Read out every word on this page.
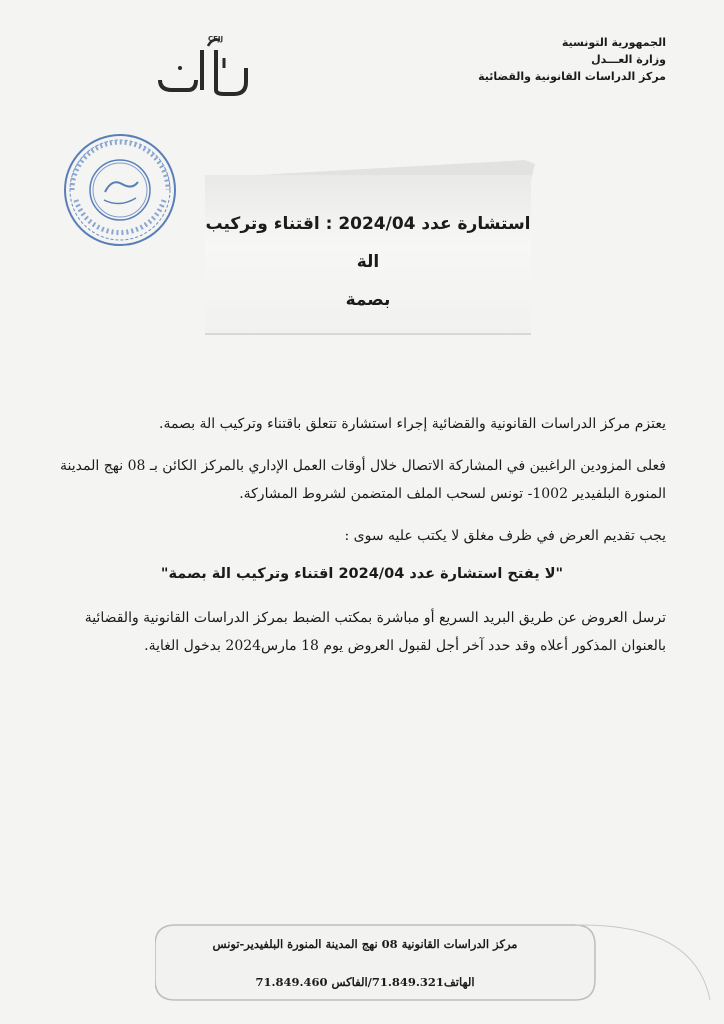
الجمهورية التونسية
وزارة العـــدل
مركز الدراسات القانونية والقضائية
CEJJ
استشارة عدد 2024/04 : اقتناء وتركيب الة
بصمة
يعتزم مركز الدراسات القانونية والقضائية إجراء استشارة تتعلق باقتناء وتركيب الة بصمة.
فعلى المزودين الراغبين في المشاركة الاتصال خلال أوقات العمل الإداري بالمركز الكائن بـ 08 نهج المدينة المنورة البلفيدير 1002- تونس لسحب الملف المتضمن لشروط المشاركة.
يجب تقديم العرض في ظرف مغلق لا يكتب عليه سوى :
"لا يفتح استشارة عدد 2024/04 اقتناء وتركيب الة بصمة"
ترسل العروض عن طريق البريد السريع أو مباشرة بمكتب الضبط بمركز الدراسات القانونية والقضائية بالعنوان المذكور أعلاه وقد حدد آخر أجل لقبول العروض يوم 18 مارس2024 بدخول الغاية.
مركز الدراسات القانونية 08 نهج المدينة المنورة البلفيدير-تونس
الهاتف71.849.321/الفاكس 71.849.460
